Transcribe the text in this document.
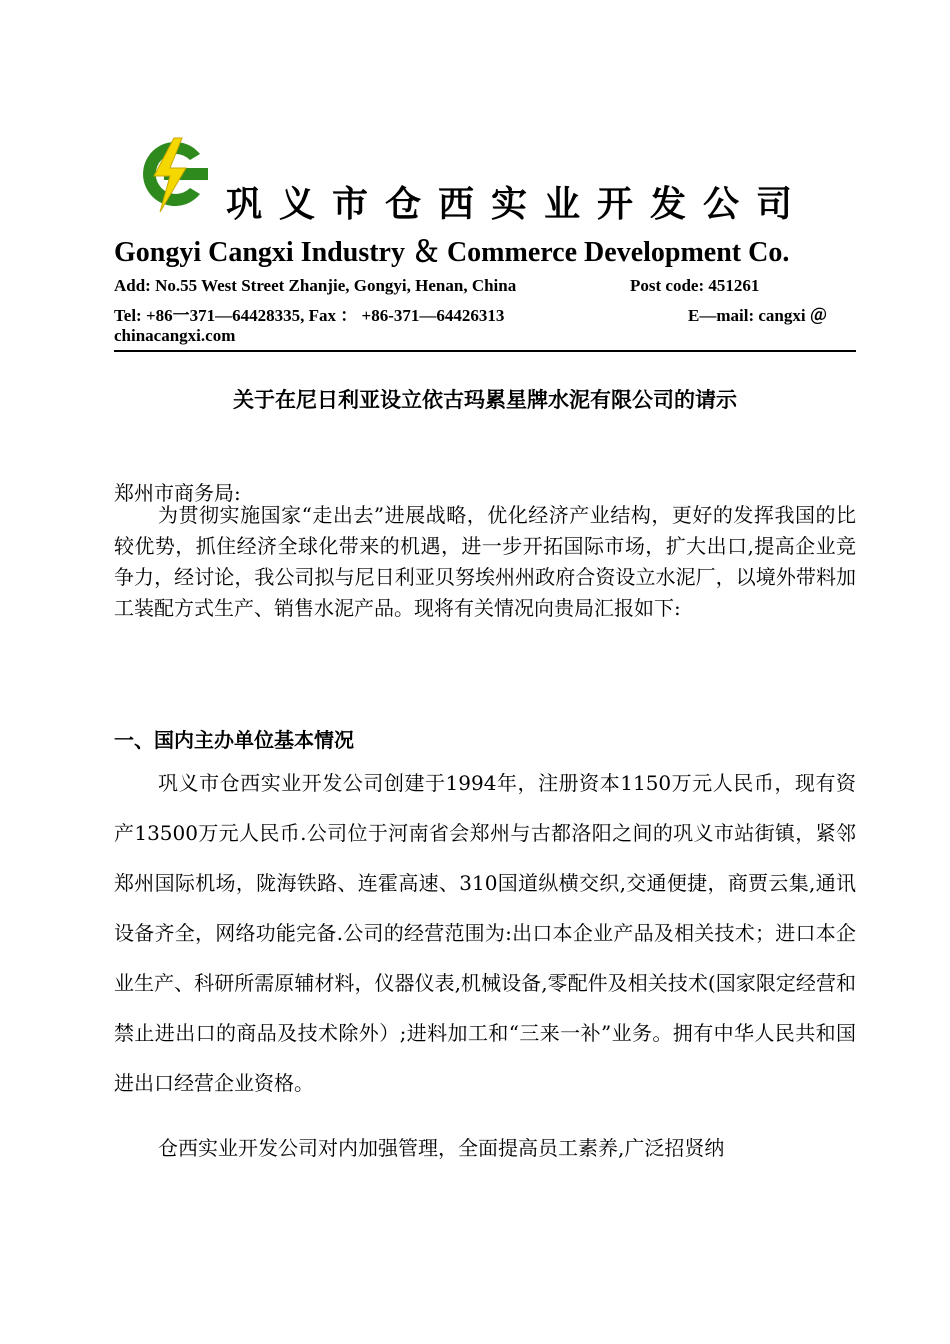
巩义市仓西实业开发公司
Gongyi Cangxi Industry ＆ Commerce Development Co.
Add: No.55 West Street Zhanjie, Gongyi, Henan, China	Post code: 451261
Tel: +86一371—64428335, Fax ： +86-371—64426313	E—mail: cangxi ＠
chinacangxi.com
关于在尼日利亚设立依古玛累星牌水泥有限公司的请示
郑州市商务局:
为贯彻实施国家“走出去”进展战略，优化经济产业结构，更好的发挥我国的比较优势，抓住经济全球化带来的机遇，进一步开拓国际市场，扩大出口,提高企业竞争力，经讨论，我公司拟与尼日利亚贝努埃州州政府合资设立水泥厂，以境外带料加工装配方式生产、销售水泥产品。现将有关情况向贵局汇报如下:
一、国内主办单位基本情况
巩义市仓西实业开发公司创建于1994年，注册资本1150万元人民币，现有资产13500万元人民币.公司位于河南省会郑州与古都洛阳之间的巩义市站街镇，紧邻郑州国际机场，陇海铁路、连霍高速、310国道纵横交织,交通便捷，商贾云集,通讯设备齐全，网络功能完备.公司的经营范围为:出口本企业产品及相关技术；进口本企业生产、科研所需原辅材料，仪器仪表,机械设备,零配件及相关技术(国家限定经营和禁止进出口的商品及技术除外）;进料加工和“三来一补”业务。拥有中华人民共和国进出口经营企业资格。
仓西实业开发公司对内加强管理，全面提高员工素养,广泛招贤纳
